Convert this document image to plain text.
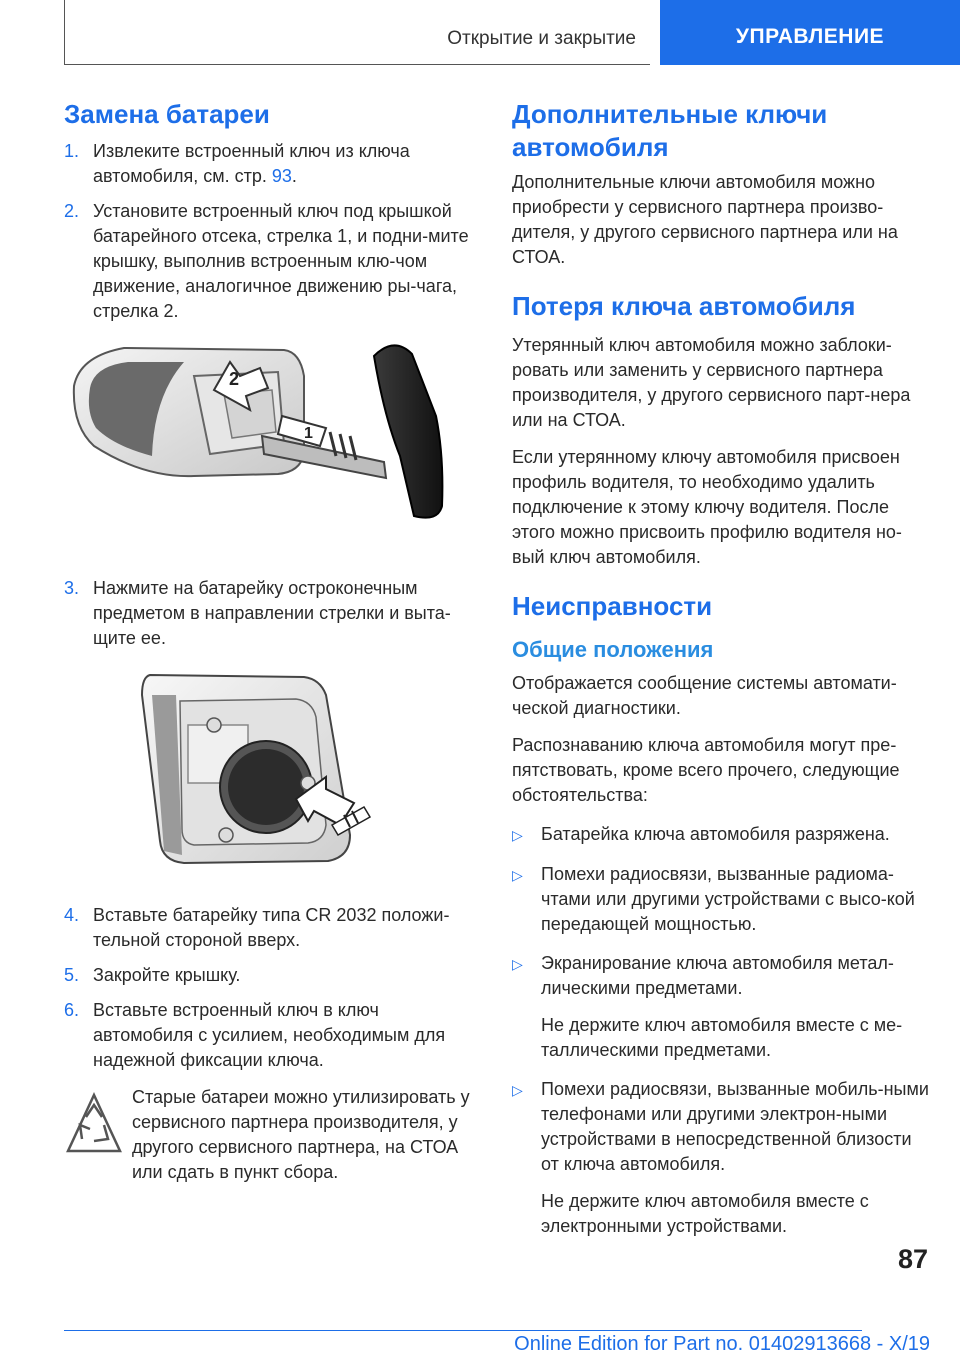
Открытие и закрытие	УПРАВЛЕНИЕ
Замена батареи
1. Извлеките встроенный ключ из ключа автомобиля, см. стр. 93.
2. Установите встроенный ключ под крышкой батарейного отсека, стрелка 1, и подни-мите крышку, выполнив встроенным клю-чом движение, аналогичное движению ры-чага, стрелка 2.
2
1
3. Нажмите на батарейку остроконечным предметом в направлении стрелки и выта-щите ее.
4. Вставьте батарейку типа CR 2032 положи-тельной стороной вверх.
5. Закройте крышку.
6. Вставьте встроенный ключ в ключ автомобиля с усилием, необходимым для надежной фиксации ключа.
Старые батареи можно утилизировать у сервисного партнера производителя, у другого сервисного партнера, на СТОА или сдать в пункт сбора.
Дополнительные ключи автомобиля

Дополнительные ключи автомобиля можно приобрести у сервисного партнера произво-дителя, у другого сервисного партнера или на СТОА.

Потеря ключа автомобиля

Утерянный ключ автомобиля можно заблоки-ровать или заменить у сервисного партнера производителя, у другого сервисного парт-нера или на СТОА.

Если утерянному ключу автомобиля присвоен профиль водителя, то необходимо удалить подключение к этому ключу водителя. После этого можно присвоить профилю водителя но-вый ключ автомобиля.

Неисправности
Общие положения

Отображается сообщение системы автомати-ческой диагностики.

Распознаванию ключа автомобиля могут пре-пятствовать, кроме всего прочего, следующие обстоятельства:

▷	Батарейка ключа автомобиля разряжена.
▷	Помехи радиосвязи, вызванные радиома-чтами или другими устройствами с высо-кой передающей мощностью.
▷	Экранирование ключа автомобиля метал-лическими предметами.
Не держите ключ автомобиля вместе с ме-таллическими предметами.
▷	Помехи радиосвязи, вызванные мобиль-ными телефонами или другими электрон-ными устройствами в непосредственной близости от ключа автомобиля.
Не держите ключ автомобиля вместе с электронными устройствами.
87
Online Edition for Part no. 01402913668 - X/19
